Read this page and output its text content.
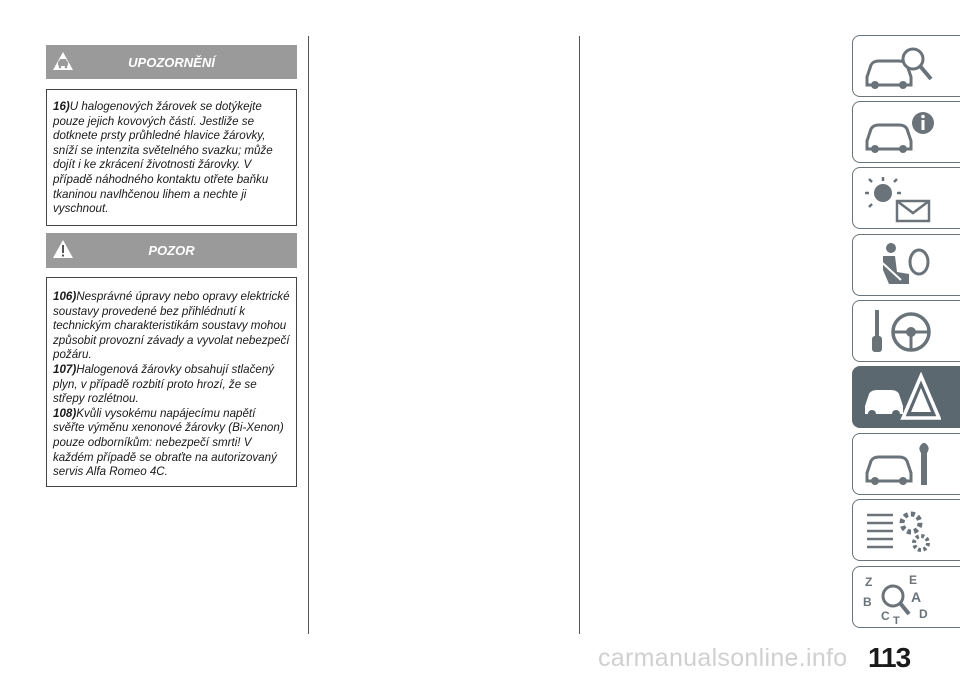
UPOZORNĚNÍ

16)U halogenových žárovek se dotýkejte pouze jejich kovových částí. Jestliže se dotknete prsty průhledné hlavice žárovky, sníží se intenzita světelného svazku; může dojít i ke zkrácení životnosti žárovky. V případě náhodného kontaktu otřete baňku tkaninou navlhčenou lihem a nechte ji vyschnout.

POZOR

106)Nesprávné úpravy nebo opravy elektrické soustavy provedené bez přihlédnutí k technickým charakteristikám soustavy mohou způsobit provozní závady a vyvolat nebezpečí požáru.

107)Halogenová žárovky obsahují stlačený plyn, v případě rozbití proto hrozí, že se střepy rozlétnou.

108)Kvůli vysokému napájecímu napětí svěřte výměnu xenonové žárovky (Bi-Xenon) pouze odborníkům: nebezpečí smrti! V každém případě se obraťte na autorizovaný servis Alfa Romeo 4C.

Z	E
B	A
C D
T
carmanualsonline.info 113
